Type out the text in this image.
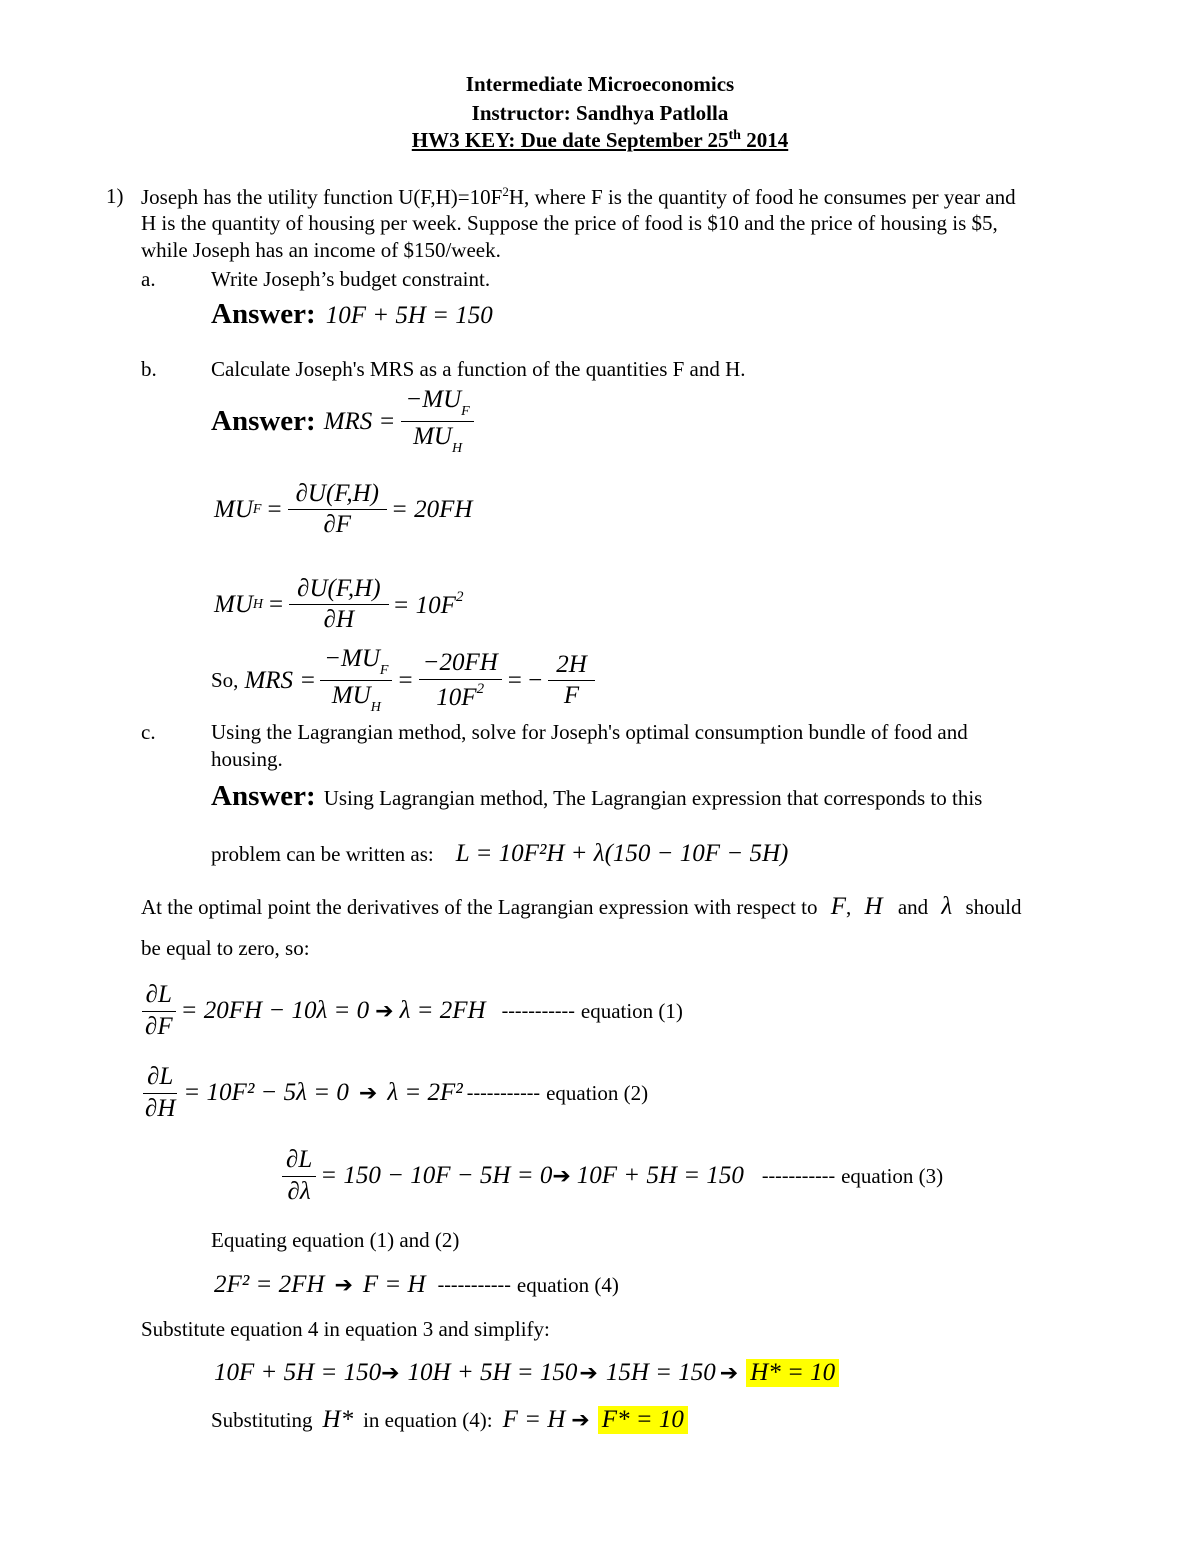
Intermediate Microeconomics
Instructor: Sandhya Patlolla
HW3 KEY: Due date September 25th 2014
1) Joseph has the utility function $U(F,H)=10F^2H$, where F is the quantity of food he consumes per year and
H is the quantity of housing per week. Suppose the price of food is $10 and the price of housing is $5,
while Joseph has an income of $150/week.
a.	Write Joseph’s budget constraint.
Answer: 10F + 5H = 150
b.	Calculate Joseph's MRS as a function of the quantities F and H.
Answer: MRS = $\frac{-MU_F}{MU_H}$
MU $F = \frac{\partial U(F,H)}{\partial F} = 20FH$
MU $H = \frac{\partial U(F,H)}{\partial H} = 10F^2$
So, MRS = $\frac{-MU_F}{MU_H} = \frac{-20FH}{10F^2}$ = − $\frac{2H}{F}$
c.	Using the Lagrangian method, solve for Joseph's optimal consumption bundle of food and
housing.
Answer: Using Lagrangian method, The Lagrangian expression that corresponds to this
problem can be written as: L = 10F²H + λ(150 − 10F − 5H)
At the optimal point the derivatives of the Lagrangian expression with respect to F, H and λ should
be equal to zero, so:
$\frac{\partial L}{\partial F} = 20FH - 10\lambda = 0$ ➔ λ = 2FH ----------- equation (1)
$\frac{\partial L}{\partial H} = 10F^2 - 5\lambda = 0$ ➔ λ = 2F² ----------- equation (2)
$\frac{\partial L}{\partial\lambda} = 150 - 10F - 5H = 0$ ➔ 10F + 5H = 150 ----------- equation (3)
Equating equation (1) and (2)
2F² = 2FH ➔ F = H ----------- equation (4)
Substitute equation 4 in equation 3 and simplify:
10F + 5H = 150 ➔ 10H + 5H = 150 ➔ 15H = 150 ➔ H* = 10
Substituting H* in equation (4): F = H ➔ F* = 10
